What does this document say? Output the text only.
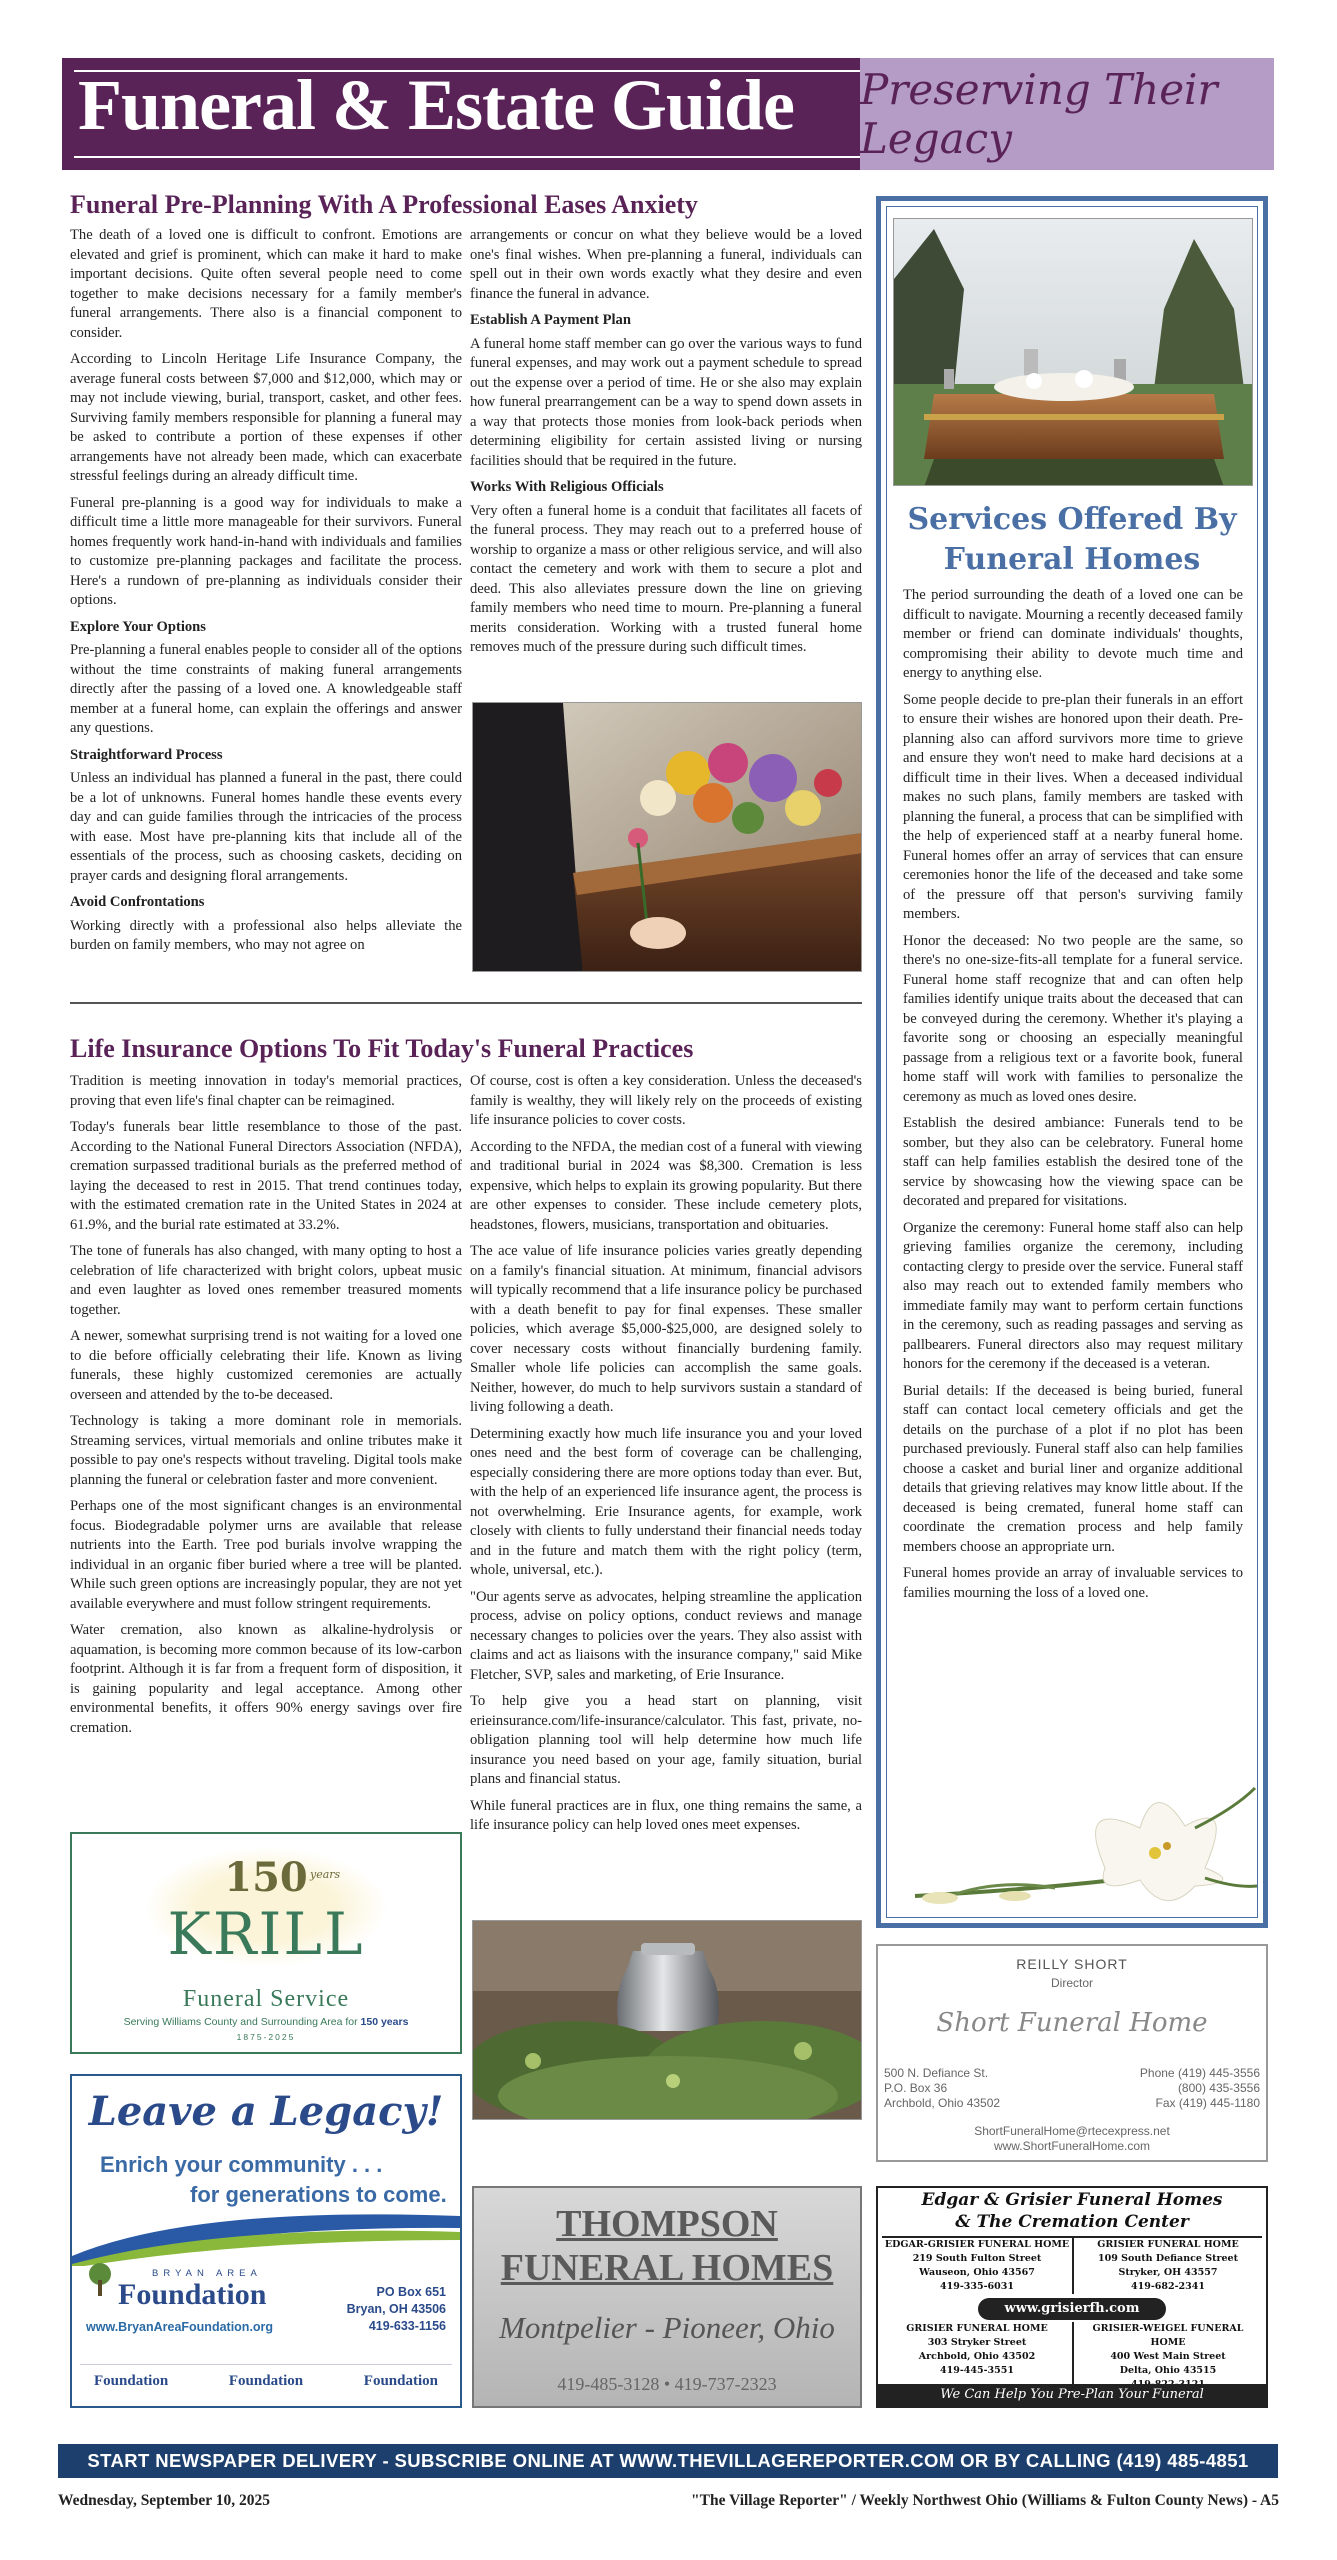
Funeral & Estate Guide Preserving Their Legacy
Funeral Pre-Planning With A Professional Eases Anxiety

The death of a loved one is difficult to confront. Emotions are elevated and grief is prominent, which can make it hard to make important decisions. Quite often several people need to come together to make decisions necessary for a family member's funeral arrangements. There also is a financial component to consider.

According to Lincoln Heritage Life Insurance Company, the average funeral costs between $7,000 and $12,000, which may or may not include viewing, burial, transport, casket, and other fees. Surviving family members responsible for planning a funeral may be asked to contribute a portion of these expenses if other arrangements have not already been made, which can exacerbate stressful feelings during an already difficult time.

Funeral pre-planning is a good way for individuals to make a difficult time a little more manageable for their survivors. Funeral homes frequently work hand-in-hand with individuals and families to customize pre-planning packages and facilitate the process. Here's a rundown of pre-planning as individuals consider their options.

Explore Your Options

Pre-planning a funeral enables people to consider all of the options without the time constraints of making funeral arrangements directly after the passing of a loved one. A knowledgeable staff member at a funeral home, can explain the offerings and answer any questions.

Straightforward Process

Unless an individual has planned a funeral in the past, there could be a lot of unknowns. Funeral homes handle these events every day and can guide families through the intricacies of the process with ease. Most have pre-planning kits that include all of the essentials of the process, such as choosing caskets, deciding on prayer cards and designing floral arrangements.

Avoid Confrontations

Working directly with a professional also helps alleviate the burden on family members, who may not agree on

arrangements or concur on what they believe would be a loved one's final wishes. When pre-planning a funeral, individuals can spell out in their own words exactly what they desire and even finance the funeral in advance.

Establish A Payment Plan

A funeral home staff member can go over the various ways to fund funeral expenses, and may work out a payment schedule to spread out the expense over a period of time. He or she also may explain how funeral prearrangement can be a way to spend down assets in a way that protects those monies from look-back periods when determining eligibility for certain assisted living or nursing facilities should that be required in the future.

Works With Religious Officials

Very often a funeral home is a conduit that facilitates all facets of the funeral process. They may reach out to a preferred house of worship to organize a mass or other religious service, and will also contact the cemetery and work with them to secure a plot and deed. This also alleviates pressure down the line on grieving family members who need time to mourn. Pre-planning a funeral merits consideration. Working with a trusted funeral home removes much of the pressure during such difficult times.

Life Insurance Options To Fit Today's Funeral Practices

Tradition is meeting innovation in today's memorial practices, proving that even life's final chapter can be reimagined.

Today's funerals bear little resemblance to those of the past. According to the National Funeral Directors Association (NFDA), cremation surpassed traditional burials as the preferred method of laying the deceased to rest in 2015. That trend continues today, with the estimated cremation rate in the United States in 2024 at 61.9%, and the burial rate estimated at 33.2%.

The tone of funerals has also changed, with many opting to host a celebration of life characterized with bright colors, upbeat music and even laughter as loved ones remember treasured moments together.

A newer, somewhat surprising trend is not waiting for a loved one to die before officially celebrating their life. Known as living funerals, these highly customized ceremonies are actually overseen and attended by the to-be deceased.

Technology is taking a more dominant role in memorials. Streaming services, virtual memorials and online tributes make it possible to pay one's respects without traveling. Digital tools make planning the funeral or celebration faster and more convenient.

Perhaps one of the most significant changes is an environmental focus. Biodegradable polymer urns are available that release nutrients into the Earth. Tree pod burials involve wrapping the individual in an organic fiber buried where a tree will be planted. While such green options are increasingly popular, they are not yet available everywhere and must follow stringent requirements.

Water cremation, also known as alkaline-hydrolysis or aquamation, is becoming more common because of its low-carbon footprint. Although it is far from a frequent form of disposition, it is gaining popularity and legal acceptance. Among other environmental benefits, it offers 90% energy savings over fire cremation.

Of course, cost is often a key consideration. Unless the deceased's family is wealthy, they will likely rely on the proceeds of existing life insurance policies to cover costs.

According to the NFDA, the median cost of a funeral with viewing and traditional burial in 2024 was $8,300. Cremation is less expensive, which helps to explain its growing popularity. But there are other expenses to consider. These include cemetery plots, headstones, flowers, musicians, transportation and obituaries.

The ace value of life insurance policies varies greatly depending on a family's financial situation. At minimum, financial advisors will typically recommend that a life insurance policy be purchased with a death benefit to pay for final expenses. These smaller policies, which average $5,000-$25,000, are designed solely to cover necessary costs without financially burdening family. Smaller whole life policies can accomplish the same goals. Neither, however, do much to help survivors sustain a standard of living following a death.

Determining exactly how much life insurance you and your loved ones need and the best form of coverage can be challenging, especially considering there are more options today than ever. But, with the help of an experienced life insurance agent, the process is not overwhelming. Erie Insurance agents, for example, work closely with clients to fully understand their financial needs today and in the future and match them with the right policy (term, whole, universal, etc.).

"Our agents serve as advocates, helping streamline the application process, advise on policy options, conduct reviews and manage necessary changes to policies over the years. They also assist with claims and act as liaisons with the insurance company," said Mike Fletcher, SVP, sales and marketing, of Erie Insurance.

To help give you a head start on planning, visit erieinsurance.com/life-insurance/calculator. This fast, private, no-obligation planning tool will help determine how much life insurance you need based on your age, family situation, burial plans and financial status.

While funeral practices are in flux, one thing remains the same, a life insurance policy can help loved ones meet expenses.

Services Offered By Funeral Homes

The period surrounding the death of a loved one can be difficult to navigate. Mourning a recently deceased family member or friend can dominate individuals' thoughts, compromising their ability to devote much time and energy to anything else.

Some people decide to pre-plan their funerals in an effort to ensure their wishes are honored upon their death. Pre-planning also can afford survivors more time to grieve and ensure they won't need to make hard decisions at a difficult time in their lives. When a deceased individual makes no such plans, family members are tasked with planning the funeral, a process that can be simplified with the help of experienced staff at a nearby funeral home. Funeral homes offer an array of services that can ensure ceremonies honor the life of the deceased and take some of the pressure off that person's surviving family members.

Honor the deceased: No two people are the same, so there's no one-size-fits-all template for a funeral service. Funeral home staff recognize that and can often help families identify unique traits about the deceased that can be conveyed during the ceremony. Whether it's playing a favorite song or choosing an especially meaningful passage from a religious text or a favorite book, funeral home staff will work with families to personalize the ceremony as much as loved ones desire.

Establish the desired ambiance: Funerals tend to be somber, but they also can be celebratory. Funeral home staff can help families establish the desired tone of the service by showcasing how the viewing space can be decorated and prepared for visitations.

Organize the ceremony: Funeral home staff also can help grieving families organize the ceremony, including contacting clergy to preside over the service. Funeral staff also may reach out to extended family members who immediate family may want to perform certain functions in the ceremony, such as reading passages and serving as pallbearers. Funeral directors also may request military honors for the ceremony if the deceased is a veteran.

Burial details: If the deceased is being buried, funeral staff can contact local cemetery officials and get the details on the purchase of a plot if no plot has been purchased previously. Funeral staff also can help families choose a casket and burial liner and organize additional details that grieving relatives may know little about. If the deceased is being cremated, funeral home staff can coordinate the cremation process and help family members choose an appropriate urn.

Funeral homes provide an array of invaluable services to families mourning the loss of a loved one.

150 years
KRILL
Funeral Service
Serving Williams County and Surrounding Area for 150 years
1875-2025
Leave a Legacy!
Enrich your community . . .
for generations to come.
BRYAN AREA
Foundation
www.BryanAreaFoundation.org
PO Box 651
Bryan, OH 43506
419-633-1156
Foundation	Foundation	Foundation
THOMPSON
FUNERAL HOMES
Montpelier - Pioneer, Ohio
419-485-3128 • 419-737-2323
REILLY SHORT
Director
Short Funeral Home
500 N. Defiance St.
P.O. Box 36
Archbold, Ohio 43502
Phone (419) 445-3556
(800) 435-3556
Fax (419) 445-1180
ShortFuneralHome@rtecexpress.net
www.ShortFuneralHome.com
Edgar & Grisier Funeral Homes
& The Cremation Center
EDGAR-GRISIER FUNERAL HOME
219 South Fulton Street
Wauseon, Ohio 43567
419-335-6031
GRISIER FUNERAL HOME
109 South Defiance Street
Stryker, OH 43557
419-682-2341
www.grisierfh.com
GRISIER FUNERAL HOME
303 Stryker Street
Archbold, Ohio 43502
419-445-3551
GRISIER-WEIGEL FUNERAL HOME
400 West Main Street
Delta, Ohio 43515
We Can Help You Pre-Plan Your Funeral
START NEWSPAPER DELIVERY - SUBSCRIBE ONLINE AT WWW.THEVILLAGEREPORTER.COM OR BY CALLING (419) 485-4851
Wednesday, September 10, 2025	"The Village Reporter" / Weekly Northwest Ohio (Williams & Fulton County News) - A5
